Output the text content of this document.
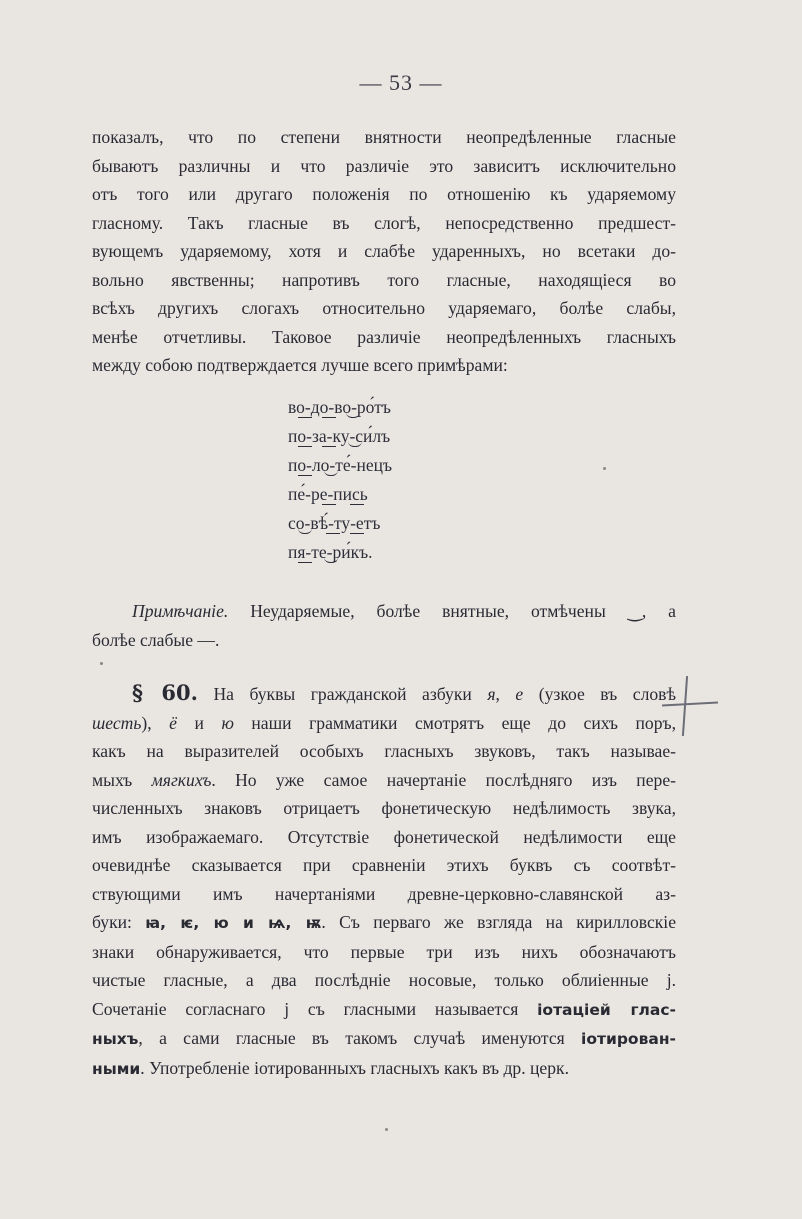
— 53 —
показалъ, что по степени внятности неопредѣленные гласные
бываютъ различны и что различіе это зависитъ исключительно
отъ того или другаго положенія по отношенію къ ударяемому
гласному. Такъ гласные въ слогѣ, непосредственно предшест-
вующемъ ударяемому, хотя и слабѣе ударенныхъ, но всетаки до-
вольно явственны; напротивъ того гласные, находящіеся во
всѣхъ другихъ слогахъ относительно ударяемаго, болѣе слабы,
менѣе отчетливы. Таковое различіе неопредѣленныхъ гласныхъ
между собою подтверждается лучше всего примѣрами:
во-до-во-ро́тъ
по-за-ку-си́лъ
по-ло-те́-нецъ
пе́-ре-пись
со-вѣ́-ту-етъ
пя-те-ри́къ.
Примѣчаніе. Неударяемые, болѣе внятные, отмѣчены ‿, а
болѣе слабые —.
§ 60. На буквы гражданской азбуки я, е (узкое въ словѣ
шесть), ё и ю наши грамматики смотрятъ еще до сихъ поръ,
какъ на выразителей особыхъ гласныхъ звуковъ, такъ называе-
мыхъ мягкихъ. Но уже самое начертаніе послѣдняго изъ пере-
численныхъ знаковъ отрицаетъ фонетическую недѣлимость звука,
имъ изображаемаго. Отсутствіе фонетической недѣлимости еще
очевиднѣе сказывается при сравненіи этихъ буквъ съ соотвѣт-
ствующими имъ начертаніями древне-церковно-славянской аз-
буки: ꙗ, ѥ, ю и ѩ, ѭ. Съ перваго же взгляда на кирилловскіе
знаки обнаруживается, что первые три изъ нихъ обозначаютъ
чистые гласные, а два послѣдніе носовые, только облиіенные j.
Сочетаніе согласнаго j съ гласными называется іотаціей глас-
ныхъ, а сами гласные въ такомъ случаѣ именуются іотирован-
ными. Употребленіе іотированныхъ гласныхъ какъ въ др. церк.
